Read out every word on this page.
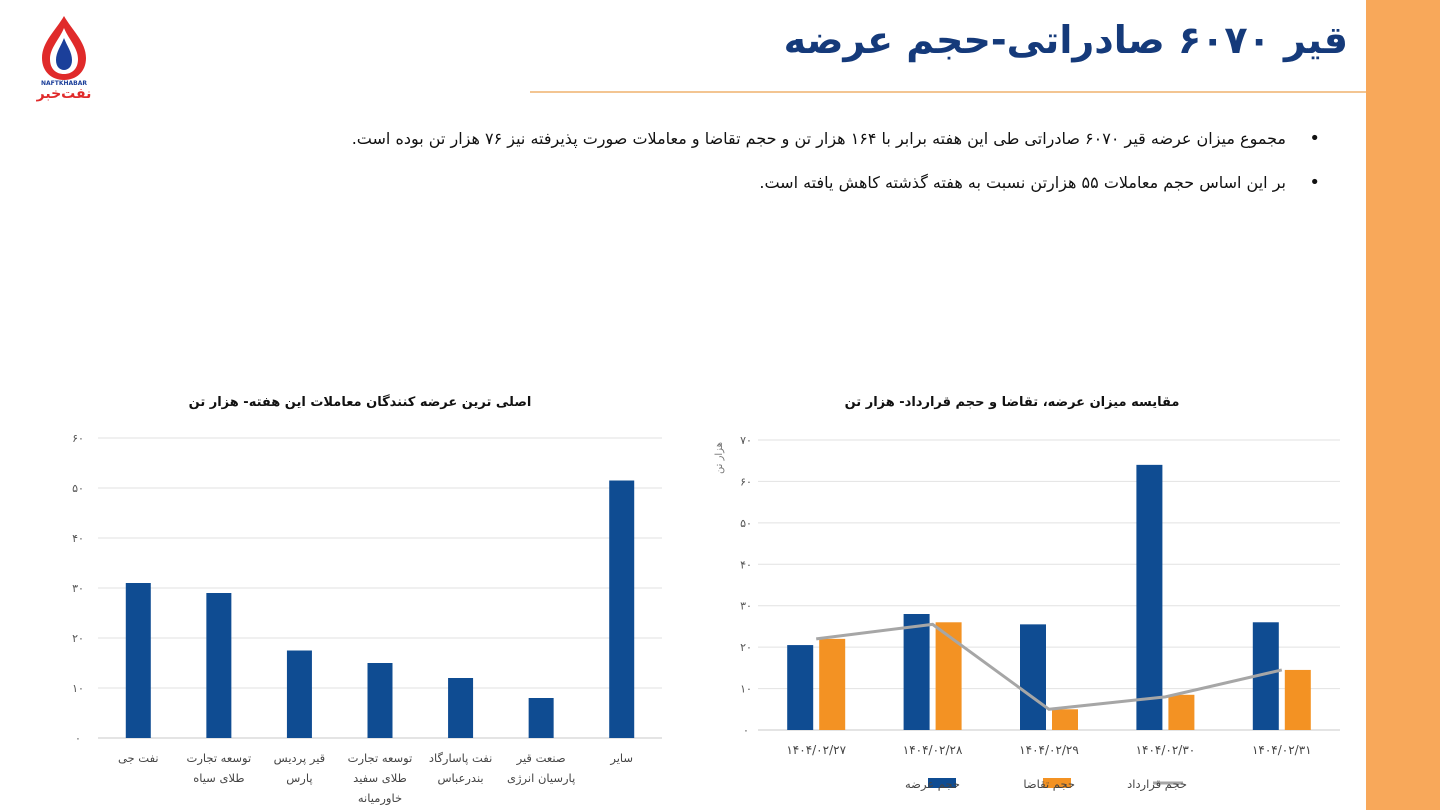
NAFTKHABAR
نفت‌خبر
قیر ۶۰۷۰ صادراتی-حجم عرضه
• مجموع میزان عرضه قیر ۶۰۷۰ صادراتی طی این هفته برابر با ۱۶۴ هزار تن و حجم تقاضا و معاملات صورت پذیرفته نیز ۷۶ هزار تن بوده است.
• بر این اساس حجم معاملات ۵۵ هزارتن نسبت به هفته گذشته کاهش یافته است.
اصلی ترین عرضه کنندگان معاملات این هفته- هزار تن
۰
۱۰
۲۰
۳۰
۴۰
۵۰
۶۰
نفت جی توسعه تجارت
طلای سیاه
قیر پردیس
پارس
توسعه تجارت
طلای سفید
خاورمیانه
نفت پاسارگاد
بندرعباس
صنعت قیر
پارسیان انرژی
سایر
مقایسه میزان عرضه، تقاضا و حجم قرارداد- هزار تن
هزار تن
۰
۱۰
۲۰
۳۰
۴۰
۵۰
۶۰
۷۰
۱۴۰۴/۰۲/۲۷	۱۴۰۴/۰۲/۲۸	۱۴۰۴/۰۲/۲۹	۱۴۰۴/۰۲/۳۰	۱۴۰۴/۰۲/۳۱
حجم عرضه	حجم تقاضا	حجم قرارداد
